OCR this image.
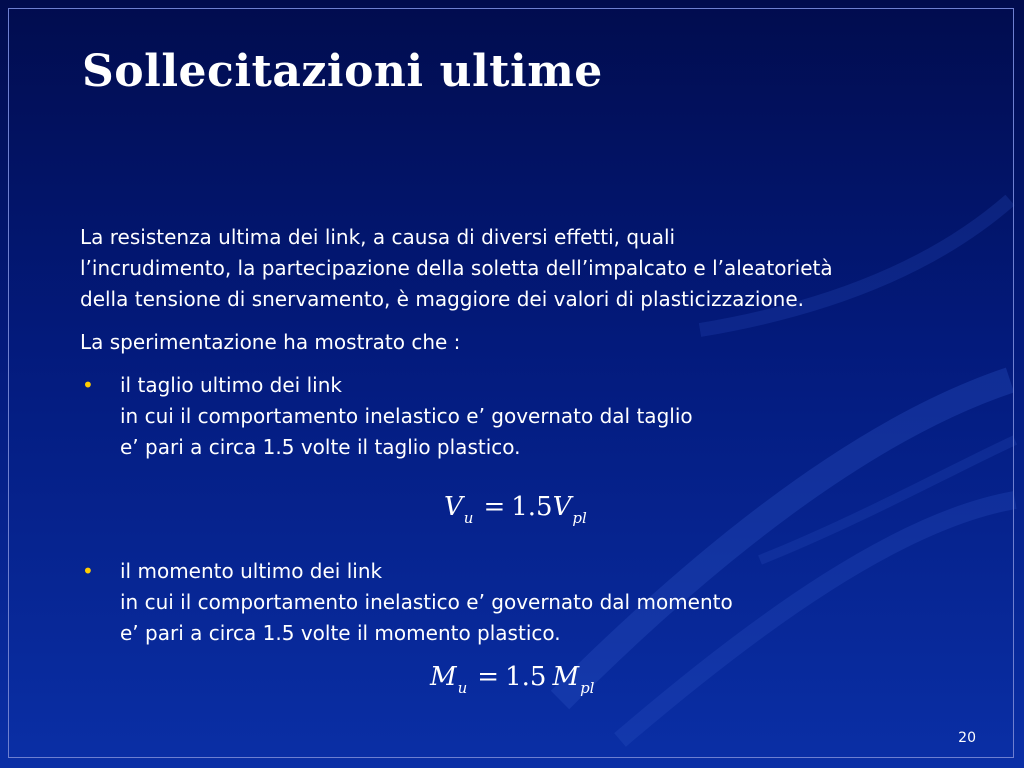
Sollecitazioni ultime
La resistenza ultima dei link, a causa di diversi effetti, quali
l’incrudimento, la partecipazione della soletta dell’impalcato e l’aleatorietà
della tensione di snervamento, è maggiore dei valori di plasticizzazione.
La sperimentazione ha mostrato che :
• il taglio ultimo dei link
in cui il comportamento inelastico e’ governato dal taglio
e’ pari a circa 1.5 volte il taglio plastico.
$V_u = 1.5V_{pl}$
• il momento ultimo dei link
in cui il comportamento inelastico e’ governato dal momento
e’ pari a circa 1.5 volte il momento plastico.
$M_u = 1.5$ $M_{pl}$
20
